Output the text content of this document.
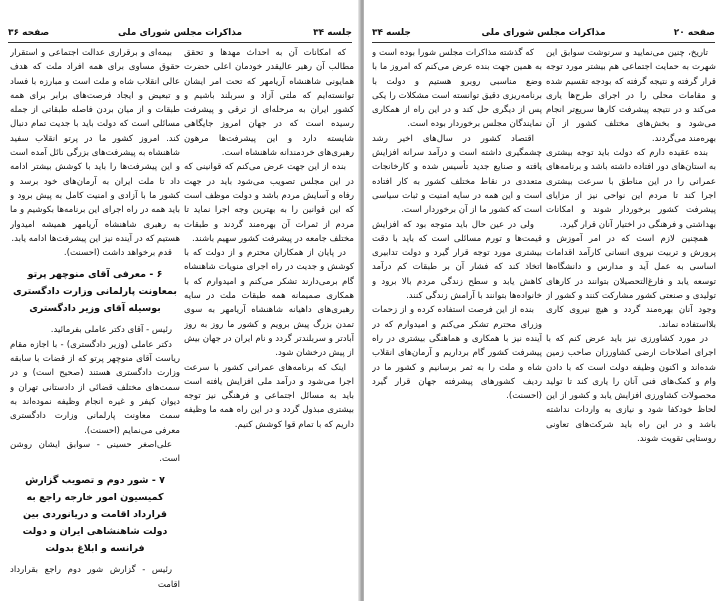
جلسه ۳۴
مذاکرات مجلس شورای ملی
صفحه ۳۶

که امکانات آن به احداث مهدها و تحقق مطالب آن رهبر عالیقدر خودمان اعلی حضرت همایونی شاهنشاه آریامهر که تحت امر ایشان توانسته‌ایم که ملتی آزاد و سربلند باشیم و کشور ایران به مرحله‌ای از ترقی و پیشرفت رسیده است که در جهان امروز جایگاهی شایسته دارد و این پیشرفت‌ها مرهون رهبری‌های خردمندانه شاهنشاه است.

بنده از این جهت عرض می‌کنم که قوانینی که در این مجلس تصویب می‌شود باید در جهت رفاه و آسایش مردم باشد و دولت موظف است که این قوانین را به بهترین وجه اجرا نماید تا مردم از ثمرات آن بهره‌مند گردند و طبقات مختلف جامعه در پیشرفت کشور سهیم باشند.

در پایان از همکاران محترم و از دولت که با کوشش و جدیت در راه اجرای منویات شاهنشاه گام برمی‌دارند تشکر می‌کنم و امیدوارم که با همکاری صمیمانه همه طبقات ملت در سایه رهبری‌های داهیانه شاهنشاه آریامهر به سوی تمدن بزرگ پیش برویم و کشور ما روز به روز آبادتر و سربلندتر گردد و نام ایران در جهان بیش از پیش درخشان شود.

اینک که برنامه‌های عمرانی کشور با سرعت اجرا می‌شود و درآمد ملی افزایش یافته است باید به مسائل اجتماعی و فرهنگی نیز توجه بیشتری مبذول گردد و در این راه همه ما وظیفه داریم که با تمام قوا کوشش کنیم.

بیمه‌ای و برقراری عدالت اجتماعی و استقرار حقوق مساوی برای همه افراد ملت که هدف عالی انقلاب شاه و ملت است و مبارزه با فساد و تبعیض و ایجاد فرصت‌های برابر برای همه طبقات و از میان بردن فاصله طبقاتی از جمله مسائلی است که دولت باید با جدیت تمام دنبال کند. امروز کشور ما در پرتو انقلاب سفید شاهنشاه به پیشرفت‌های بزرگی نائل آمده است و این پیشرفت‌ها را باید با کوشش بیشتر ادامه داد تا ملت ایران به آرمان‌های خود برسد و کشور ما با آزادی و امنیت کامل به پیش برود و باید همه در راه اجرای این برنامه‌ها بکوشیم و ما به رهبری شاهنشاه آریامهر همیشه امیدوار هستیم که در آینده نیز این پیشرفت‌ها ادامه یابد.

قدم برخواهد داشت (احسنت).

۶ - معرفی آقای منوچهر پرتو بمعاونت پارلمانی وزارت دادگستری بوسیله آقای وزیر دادگستری

رئیس - آقای دکتر عاملی بفرمائید.

دکتر عاملی (وزیر دادگستری) - با اجازه مقام ریاست آقای منوچهر پرتو که از قضات با سابقه وزارت دادگستری هستند (صحیح است) و در سمت‌های مختلف قضائی از دادستانی تهران و دیوان کیفر و غیره انجام وظیفه نموده‌اند به سمت معاونت پارلمانی وزارت دادگستری معرفی می‌نمایم (احسنت).

علی‌اصغر حسینی - سوابق ایشان روشن است.

۷ - شور دوم و تصویب گزارش کمیسیون امور خارجه راجع به قرارداد اقامت و دریانوردی بین دولت شاهنشاهی ایران و دولت فرانسه و ابلاغ بدولت

رئیس - گزارش شور دوم راجع بقرارداد اقامت

صفحه ۲۰
مذاکرات مجلس شورای ملی
جلسه ۳۴

تاریخ، چنین می‌نمایید و سرنوشت سوابق این شهرت به حمایت اجتماعی هم بیشتر مورد توجه قرار گرفته و نتیجه گرفته که بودجه تقسیم شده و مقامات محلی را در اجرای طرح‌ها یاری می‌کند و در نتیجه پیشرفت کارها سریع‌تر انجام می‌شود و بخش‌های مختلف کشور از آن بهره‌مند می‌گردند.

بنده عقیده دارم که دولت باید توجه بیشتری به استان‌های دور افتاده داشته باشد و برنامه‌های عمرانی را در این مناطق با سرعت بیشتری اجرا کند تا مردم این نواحی نیز از مزایای پیشرفت کشور برخوردار شوند و امکانات بهداشتی و فرهنگی در اختیار آنان قرار گیرد.

همچنین لازم است که در امر آموزش و پرورش و تربیت نیروی انسانی کارآمد اقدامات اساسی به عمل آید و مدارس و دانشگاه‌ها توسعه یابد و فارغ‌التحصیلان بتوانند در کارهای تولیدی و صنعتی کشور مشارکت کنند و کشور از وجود آنان بهره‌مند گردد و هیچ نیروی کاری بلااستفاده نماند.

در مورد کشاورزی نیز باید عرض کنم که با اجرای اصلاحات ارضی کشاورزان صاحب زمین شده‌اند و اکنون وظیفه دولت است که با دادن وام و کمک‌های فنی آنان را یاری کند تا تولید محصولات کشاورزی افزایش یابد و کشور از این لحاظ خودکفا شود و نیازی به واردات نداشته باشد و در این راه باید شرکت‌های تعاونی روستایی تقویت شوند.

که گذشته مذاکرات مجلس شورا بوده است و به همین جهت بنده عرض می‌کنم که امروز ما با وضع مناسبی روبرو هستیم و دولت با برنامه‌ریزی دقیق توانسته است مشکلات را یکی پس از دیگری حل کند و در این راه از همکاری نمایندگان مجلس برخوردار بوده است.

اقتصاد کشور در سال‌های اخیر رشد چشمگیری داشته است و درآمد سرانه افزایش یافته و صنایع جدید تأسیس شده و کارخانجات متعددی در نقاط مختلف کشور به کار افتاده است و این همه در سایه امنیت و ثبات سیاسی است که کشور ما از آن برخوردار است.

ولی در عین حال باید متوجه بود که افزایش قیمت‌ها و تورم مسائلی است که باید با دقت بیشتری مورد توجه قرار گیرد و دولت تدابیری اتخاذ کند که فشار آن بر طبقات کم درآمد کاهش یابد و سطح زندگی مردم بالا برود و خانواده‌ها بتوانند با آرامش زندگی کنند.

بنده از این فرصت استفاده کرده و از زحمات وزرای محترم تشکر می‌کنم و امیدوارم که در آینده نیز با همکاری و هماهنگی بیشتری در راه پیشرفت کشور گام برداریم و آرمان‌های انقلاب شاه و ملت را به ثمر برسانیم و کشور ما در ردیف کشورهای پیشرفته جهان قرار گیرد (احسنت).
